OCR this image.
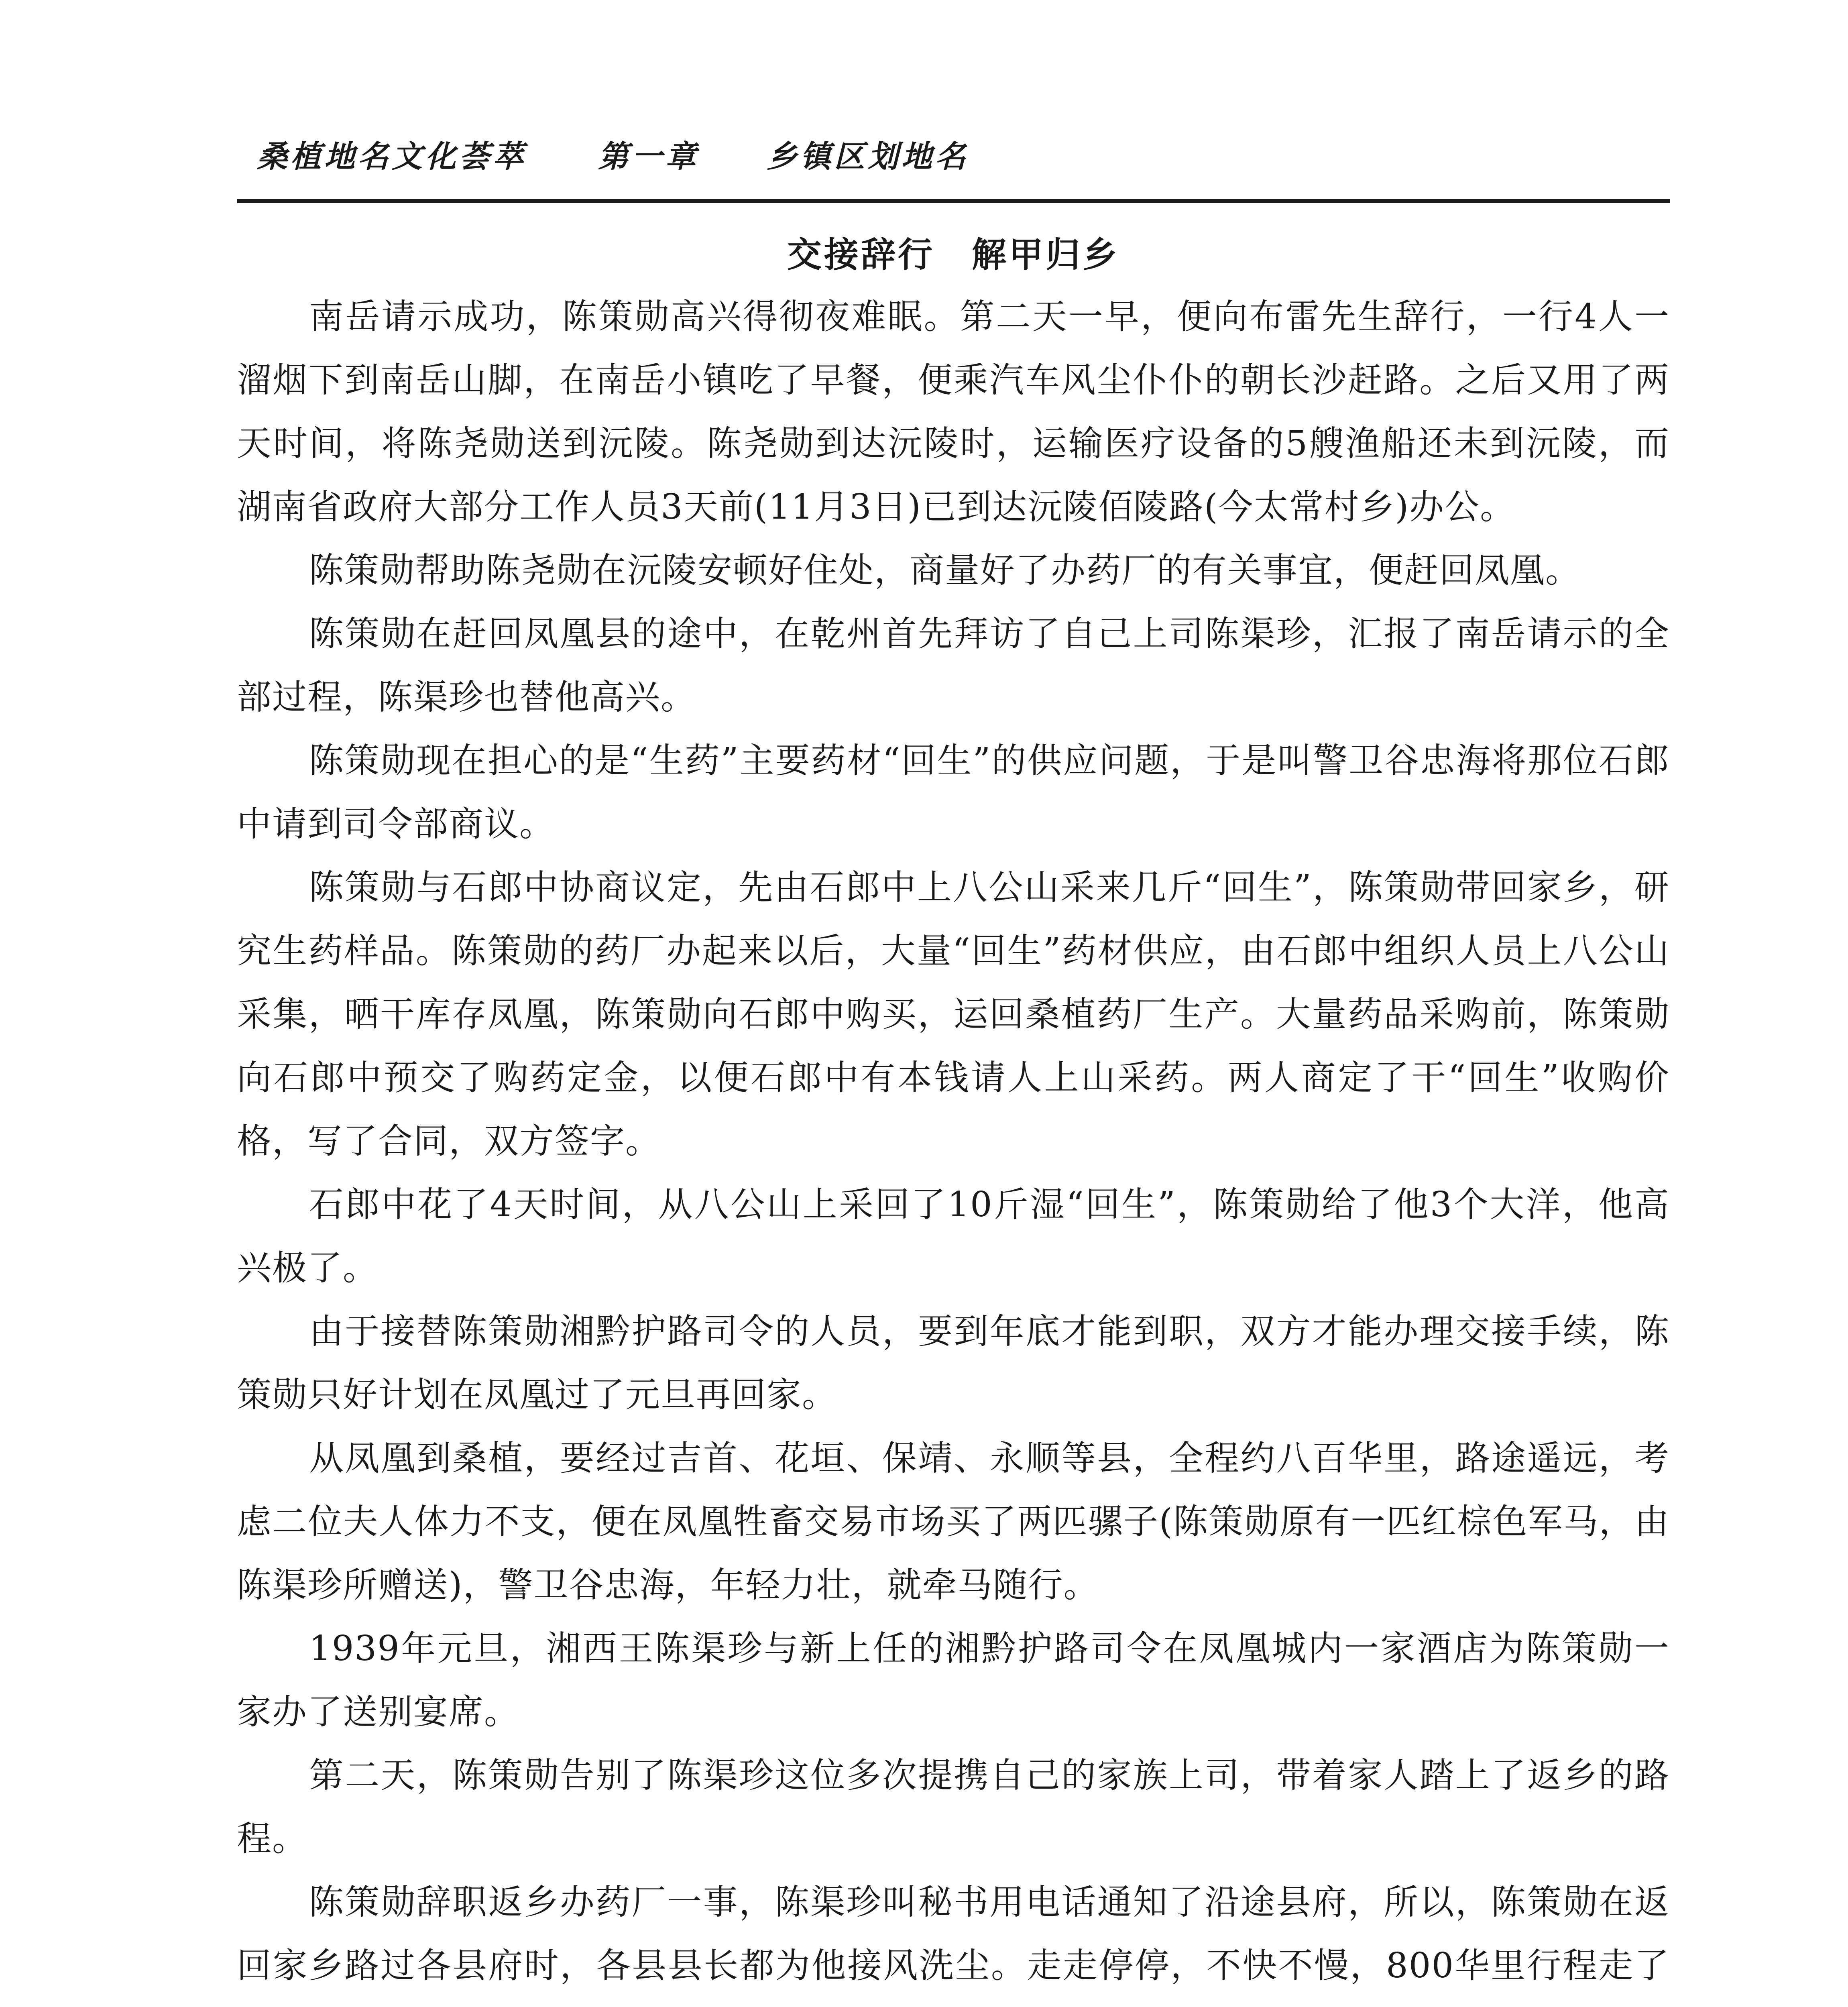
桑植地名文化荟萃 第一章 乡镇区划地名
交接辞行　解甲归乡

南岳请示成功，陈策勋高兴得彻夜难眠。第二天一早，便向布雷先生辞行，一行4人一溜烟下到南岳山脚，在南岳小镇吃了早餐，便乘汽车风尘仆仆的朝长沙赶路。之后又用了两天时间，将陈尧勋送到沅陵。陈尧勋到达沅陵时，运输医疗设备的5艘渔船还未到沅陵，而湖南省政府大部分工作人员3天前(11月3日)已到达沅陵佰陵路(今太常村乡)办公。

陈策勋帮助陈尧勋在沅陵安顿好住处，商量好了办药厂的有关事宜，便赶回凤凰。

陈策勋在赶回凤凰县的途中，在乾州首先拜访了自己上司陈渠珍，汇报了南岳请示的全部过程，陈渠珍也替他高兴。

陈策勋现在担心的是“生药”主要药材“回生”的供应问题，于是叫警卫谷忠海将那位石郎中请到司令部商议。

陈策勋与石郎中协商议定，先由石郎中上八公山采来几斤“回生”，陈策勋带回家乡，研究生药样品。陈策勋的药厂办起来以后，大量“回生”药材供应，由石郎中组织人员上八公山采集，晒干库存凤凰，陈策勋向石郎中购买，运回桑植药厂生产。大量药品采购前，陈策勋向石郎中预交了购药定金，以便石郎中有本钱请人上山采药。两人商定了干“回生”收购价格，写了合同，双方签字。

石郎中花了4天时间，从八公山上采回了10斤湿“回生”，陈策勋给了他3个大洋，他高兴极了。

由于接替陈策勋湘黔护路司令的人员，要到年底才能到职，双方才能办理交接手续，陈策勋只好计划在凤凰过了元旦再回家。

从凤凰到桑植，要经过吉首、花垣、保靖、永顺等县，全程约八百华里，路途遥远，考虑二位夫人体力不支，便在凤凰牲畜交易市场买了两匹骡子(陈策勋原有一匹红棕色军马，由陈渠珍所赠送)，警卫谷忠海，年轻力壮，就牵马随行。

1939年元旦，湘西王陈渠珍与新上任的湘黔护路司令在凤凰城内一家酒店为陈策勋一家办了送别宴席。

第二天，陈策勋告别了陈渠珍这位多次提携自己的家族上司，带着家人踏上了返乡的路程。

陈策勋辞职返乡办药厂一事，陈渠珍叫秘书用电话通知了沿途县府，所以，陈策勋在返回家乡路过各县府时，各县县长都为他接风洗尘。走走停停，不快不慢，800华里行程走了
